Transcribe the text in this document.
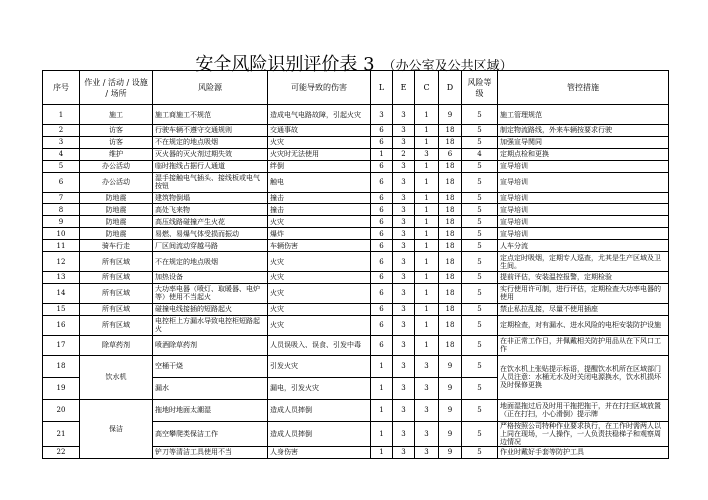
安全风险识别评价表 3 （办公室及公共区域）
序号	作业 / 活动 / 设施 / 场所	风险源	可能导致的伤害	L	E	C	D	风险等级	管控措施
1	施工	施工商施工不规范	造成电气电路故障，引起火灾	3	3	1	9	5	施工管理规范
2	访客	行驶车辆不遵守交通规则	交通事故	6	3	1	18	5	制定物流路线，外来车辆按要求行驶
3	访客	不在规定的地点吸烟	火灾	6	3	1	18	5	加强宣导関同
4	维护	灭火器的灭火剂过期失效	火灾时无法使用	1	2	3	6	4	定期点检和更换
5	办公活动	临时拖线占据行人通道	绊倒	6	3	1	18	5	宣导培训
6	办公活动	湿手接触电气插头、接线板或电气按钮	触电	6	3	1	18	5	宣导培训
7	防地震	建筑物倒塌	撞击	6	3	1	18	5	宣导培训
8	防地震	高处飞来物	撞击	6	3	1	18	5	宣导培训
9	防地震	高压线路碰撞产生火花	火灾	6	3	1	18	5	宣导培训
10	防地震	易燃、易爆气体受损而振动	爆炸	6	3	1	18	5	宣导培训
11	骑车行走	厂区间流动穿越马路	车辆伤害	6	3	1	18	5	人车分流
12	所有区域	不在规定的地点吸烟	火灾	6	3	1	18	5	定点定时吸烟，定期专人巡查，尤其是生产区域及卫生间。
13	所有区域	加热设备	火灾	6	3	1	18	5	提前评估，安装温控报警，定期检验
14	所有区域	大功率电器（喷灯、取暖器、电炉等）使用不当起火	火灾	6	3	1	18	5	实行使用许可制，进行评估，定期检查大功率电器的使用
15	所有区域	碰撞电线接插的短路起火	火灾	6	3	1	18	5	禁止私拉乱接，尽量不使用插座
16	所有区域	电控柜上方漏水导致电控柜短路起火	火灾	6	3	1	18	5	定期检查，对有漏水、进水风险的电柜安装防护设施
17	除草药剂	喷酒除草药剂	人员误吸入、误食、引发中毒	6	3	1	18	5	在非正常工作日，并佩戴相关防护用品从在下风口工作
18	饮水机	空桶干烧	引发火灾	1	3	3	9	5	在饮水机上张贴提示标语，提醒饮水机所在区域部门人员注意：水桶无水及时关闭电源换水，饮水机损坏及时保修更换
19		漏水	漏电，引发火灾	1	3	3	9	5	
20	保洁	拖地时地面太潮湿	造成人员摔倒	1	3	3	9	5	地面湿拖过后及时用干拖把拖干，并在打扫区域放置（正在打扫，小心滑倒）提示牌
21		高空攀爬类保洁工作	造成人员摔倒	1	3	3	9	5	严格按照公司特种作业要求执行，在工作时需两人以上同在现场，一人操作，一人负责扶稳梯子和观察周边情况
22		铲刀等清洁工具使用不当	人身伤害	1	3	3	9	5	作业时戴好手套等防护工具
